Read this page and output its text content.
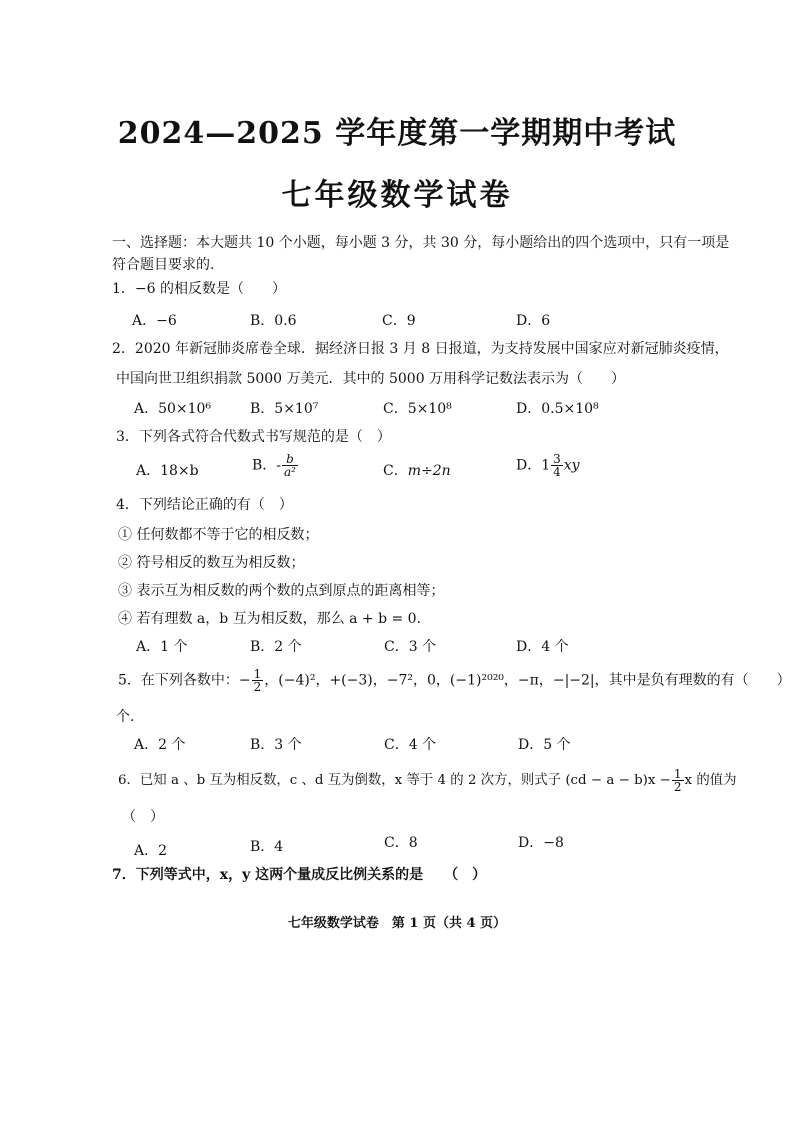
2024—2025 学年度第一学期期中考试
七年级数学试卷
一、选择题：本大题共 10 个小题，每小题 3 分，共 30 分，每小题给出的四个选项中，只有一项是
符合题目要求的.
1．−6 的相反数是（　　）
A．−6	B．0.6	C．9	D．6
2．2020 年新冠肺炎席卷全球．据经济日报 3 月 8 日报道，为支持发展中国家应对新冠肺炎疫情，
中国向世卫组织捐款 5000 万美元．其中的 5000 万用科学记数法表示为（　　）
A．50×10⁶	B．5×10⁷	C．5×10⁸	D．0.5×10⁸
3．下列各式符合代数式书写规范的是（　）
A．18×b	B．- $\frac{b}{\text{a²}}$	C．m÷2n	D．$1 \frac{3}{4}$ xy
4．下列结论正确的有（　）
① 任何数都不等于它的相反数；
② 符号相反的数互为相反数；
③ 表示互为相反数的两个数的点到原点的距离相等；
④ 若有理数 a，b 互为相反数，那么 a + b = 0．
A．1 个	B．2 个	C．3 个	D．4 个
5．在下列各数中：− $\frac{1}{2}$ ，(−4)²，+(−3)，−7²，0，(−1)²⁰²⁰，−π，−|−2|，其中是负有理数的有（　　）
个.
A．2 个	B．3 个	C．4 个	D．5 个
6．已知 a 、b 互为相反数，c 、d 互为倒数，x 等于 4 的 2 次方，则式子 $(cd - a - b)x - \frac{1}{2}$ x 的值为
（　）
A．2	B．4	C．8	D．−8
7．下列等式中，x，y 这两个量成反比例关系的是　　（　）
七年级数学试卷　第 1 页（共 4 页）
